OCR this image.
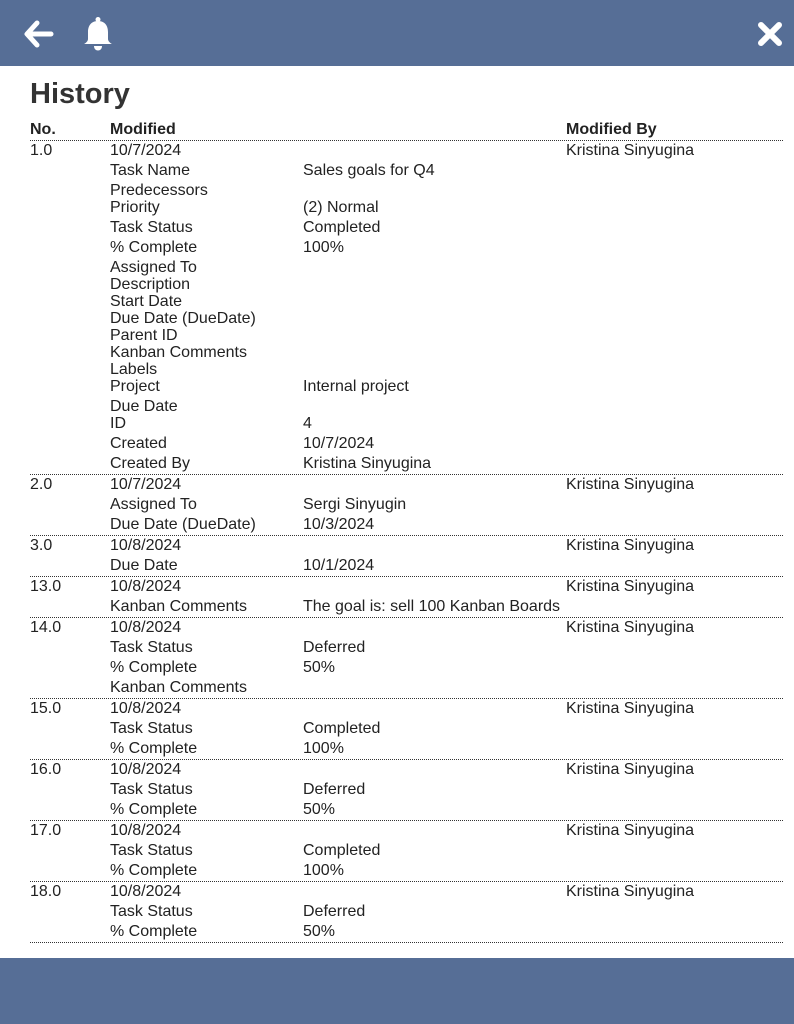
History
No.	Modified	Modified By
1.0	10/7/2024	Kristina Sinyugina
Task Name	Sales goals for Q4
Predecessors
Priority	(2) Normal
Task Status	Completed
% Complete	100%
Assigned To
Description
Start Date
Due Date (DueDate)
Parent ID
Kanban Comments
Labels
Project	Internal project
Due Date
ID	4
Created	10/7/2024
Created By	Kristina Sinyugina
2.0	10/7/2024	Kristina Sinyugina
Assigned To	Sergi Sinyugin
Due Date (DueDate)	10/3/2024
3.0	10/8/2024	Kristina Sinyugina
Due Date	10/1/2024
13.0	10/8/2024	Kristina Sinyugina
Kanban Comments	The goal is: sell 100 Kanban Boards
14.0	10/8/2024	Kristina Sinyugina
Task Status	Deferred
% Complete	50%
Kanban Comments
15.0	10/8/2024	Kristina Sinyugina
Task Status	Completed
% Complete	100%
16.0	10/8/2024	Kristina Sinyugina
Task Status	Deferred
% Complete	50%
17.0	10/8/2024	Kristina Sinyugina
Task Status	Completed
% Complete	100%
18.0	10/8/2024	Kristina Sinyugina
Task Status	Deferred
% Complete	50%
